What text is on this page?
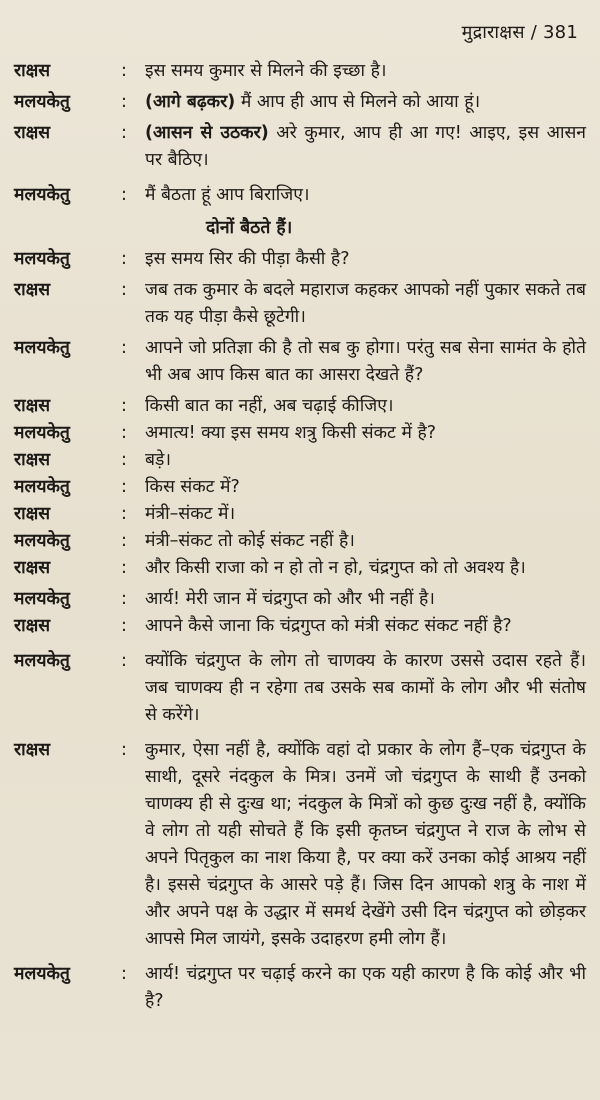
मुद्राराक्षस / 381
राक्षस	:	इस समय कुमार से मिलने की इच्छा है।
मलयकेतु	:	(आगे बढ़कर) मैं आप ही आप से मिलने को आया हूं।
राक्षस	:	(आसन से उठकर) अरे कुमार, आप ही आ गए! आइए, इस आसन पर बैठिए।
मलयकेतु	:	मैं बैठता हूं आप बिराजिए।
दोनों बैठते हैं।
मलयकेतु	:	इस समय सिर की पीड़ा कैसी है?
राक्षस	:	जब तक कुमार के बदले महाराज कहकर आपको नहीं पुकार सकते तब तक यह पीड़ा कैसे छूटेगी।
मलयकेतु	:	आपने जो प्रतिज्ञा की है तो सब कु होगा। परंतु सब सेना सामंत के होते भी अब आप किस बात का आसरा देखते हैं?
राक्षस	:	किसी बात का नहीं, अब चढ़ाई कीजिए।
मलयकेतु	:	अमात्य! क्या इस समय शत्रु किसी संकट में है?
राक्षस	:	बड़े।
मलयकेतु	:	किस संकट में?
राक्षस	:	मंत्री–संकट में।
मलयकेतु	:	मंत्री–संकट तो कोई संकट नहीं है।
राक्षस	:	और किसी राजा को न हो तो न हो, चंद्रगुप्त को तो अवश्य है।
मलयकेतु	:	आर्य! मेरी जान में चंद्रगुप्त को और भी नहीं है।
राक्षस	:	आपने कैसे जाना कि चंद्रगुप्त को मंत्री संकट संकट नहीं है?
मलयकेतु	:	क्योंकि चंद्रगुप्त के लोग तो चाणक्य के कारण उससे उदास रहते हैं। जब चाणक्य ही न रहेगा तब उसके सब कामों के लोग और भी संतोष से करेंगे।
राक्षस	:	कुमार, ऐसा नहीं है, क्योंकि वहां दो प्रकार के लोग हैं–एक चंद्रगुप्त के साथी, दूसरे नंदकुल के मित्र। उनमें जो चंद्रगुप्त के साथी हैं उनको चाणक्य ही से दुःख था; नंदकुल के मित्रों को कुछ दुःख नहीं है, क्योंकि वे लोग तो यही सोचते हैं कि इसी कृतघ्न चंद्रगुप्त ने राज के लोभ से अपने पितृकुल का नाश किया है, पर क्या करें उनका कोई आश्रय नहीं है। इससे चंद्रगुप्त के आसरे पड़े हैं। जिस दिन आपको शत्रु के नाश में और अपने पक्ष के उद्धार में समर्थ देखेंगे उसी दिन चंद्रगुप्त को छोड़कर आपसे मिल जायंगे, इसके उदाहरण हमी लोग हैं।
मलयकेतु	:	आर्य! चंद्रगुप्त पर चढ़ाई करने का एक यही कारण है कि कोई और भी है?
